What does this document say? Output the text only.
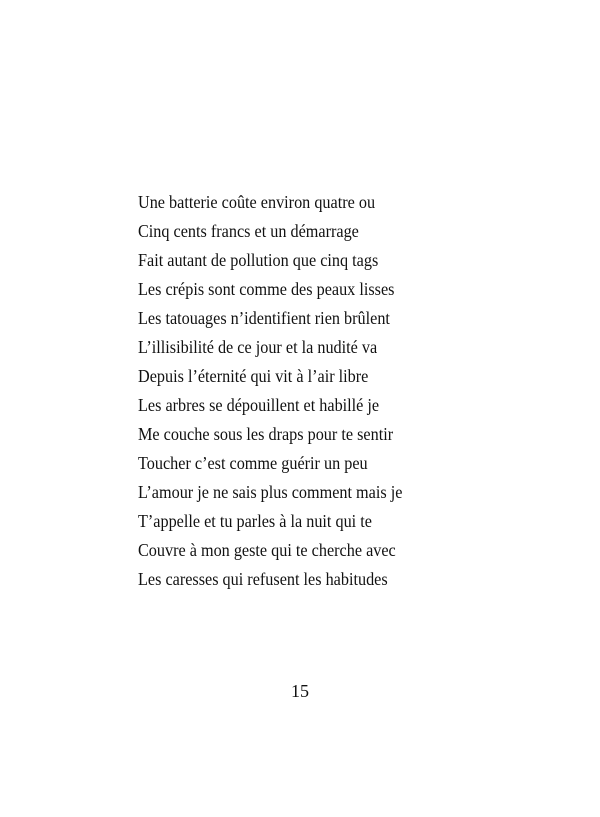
Une batterie coûte environ quatre ou
Cinq cents francs et un démarrage
Fait autant de pollution que cinq tags
Les crépis sont comme des peaux lisses
Les tatouages n’identifient rien brûlent
L’illisibilité de ce jour et la nudité va
Depuis l’éternité qui vit à l’air libre
Les arbres se dépouillent et habillé je
Me couche sous les draps pour te sentir
Toucher c’est comme guérir un peu
L’amour je ne sais plus comment mais je
T’appelle et tu parles à la nuit qui te
Couvre à mon geste qui te cherche avec
Les caresses qui refusent les habitudes
15
